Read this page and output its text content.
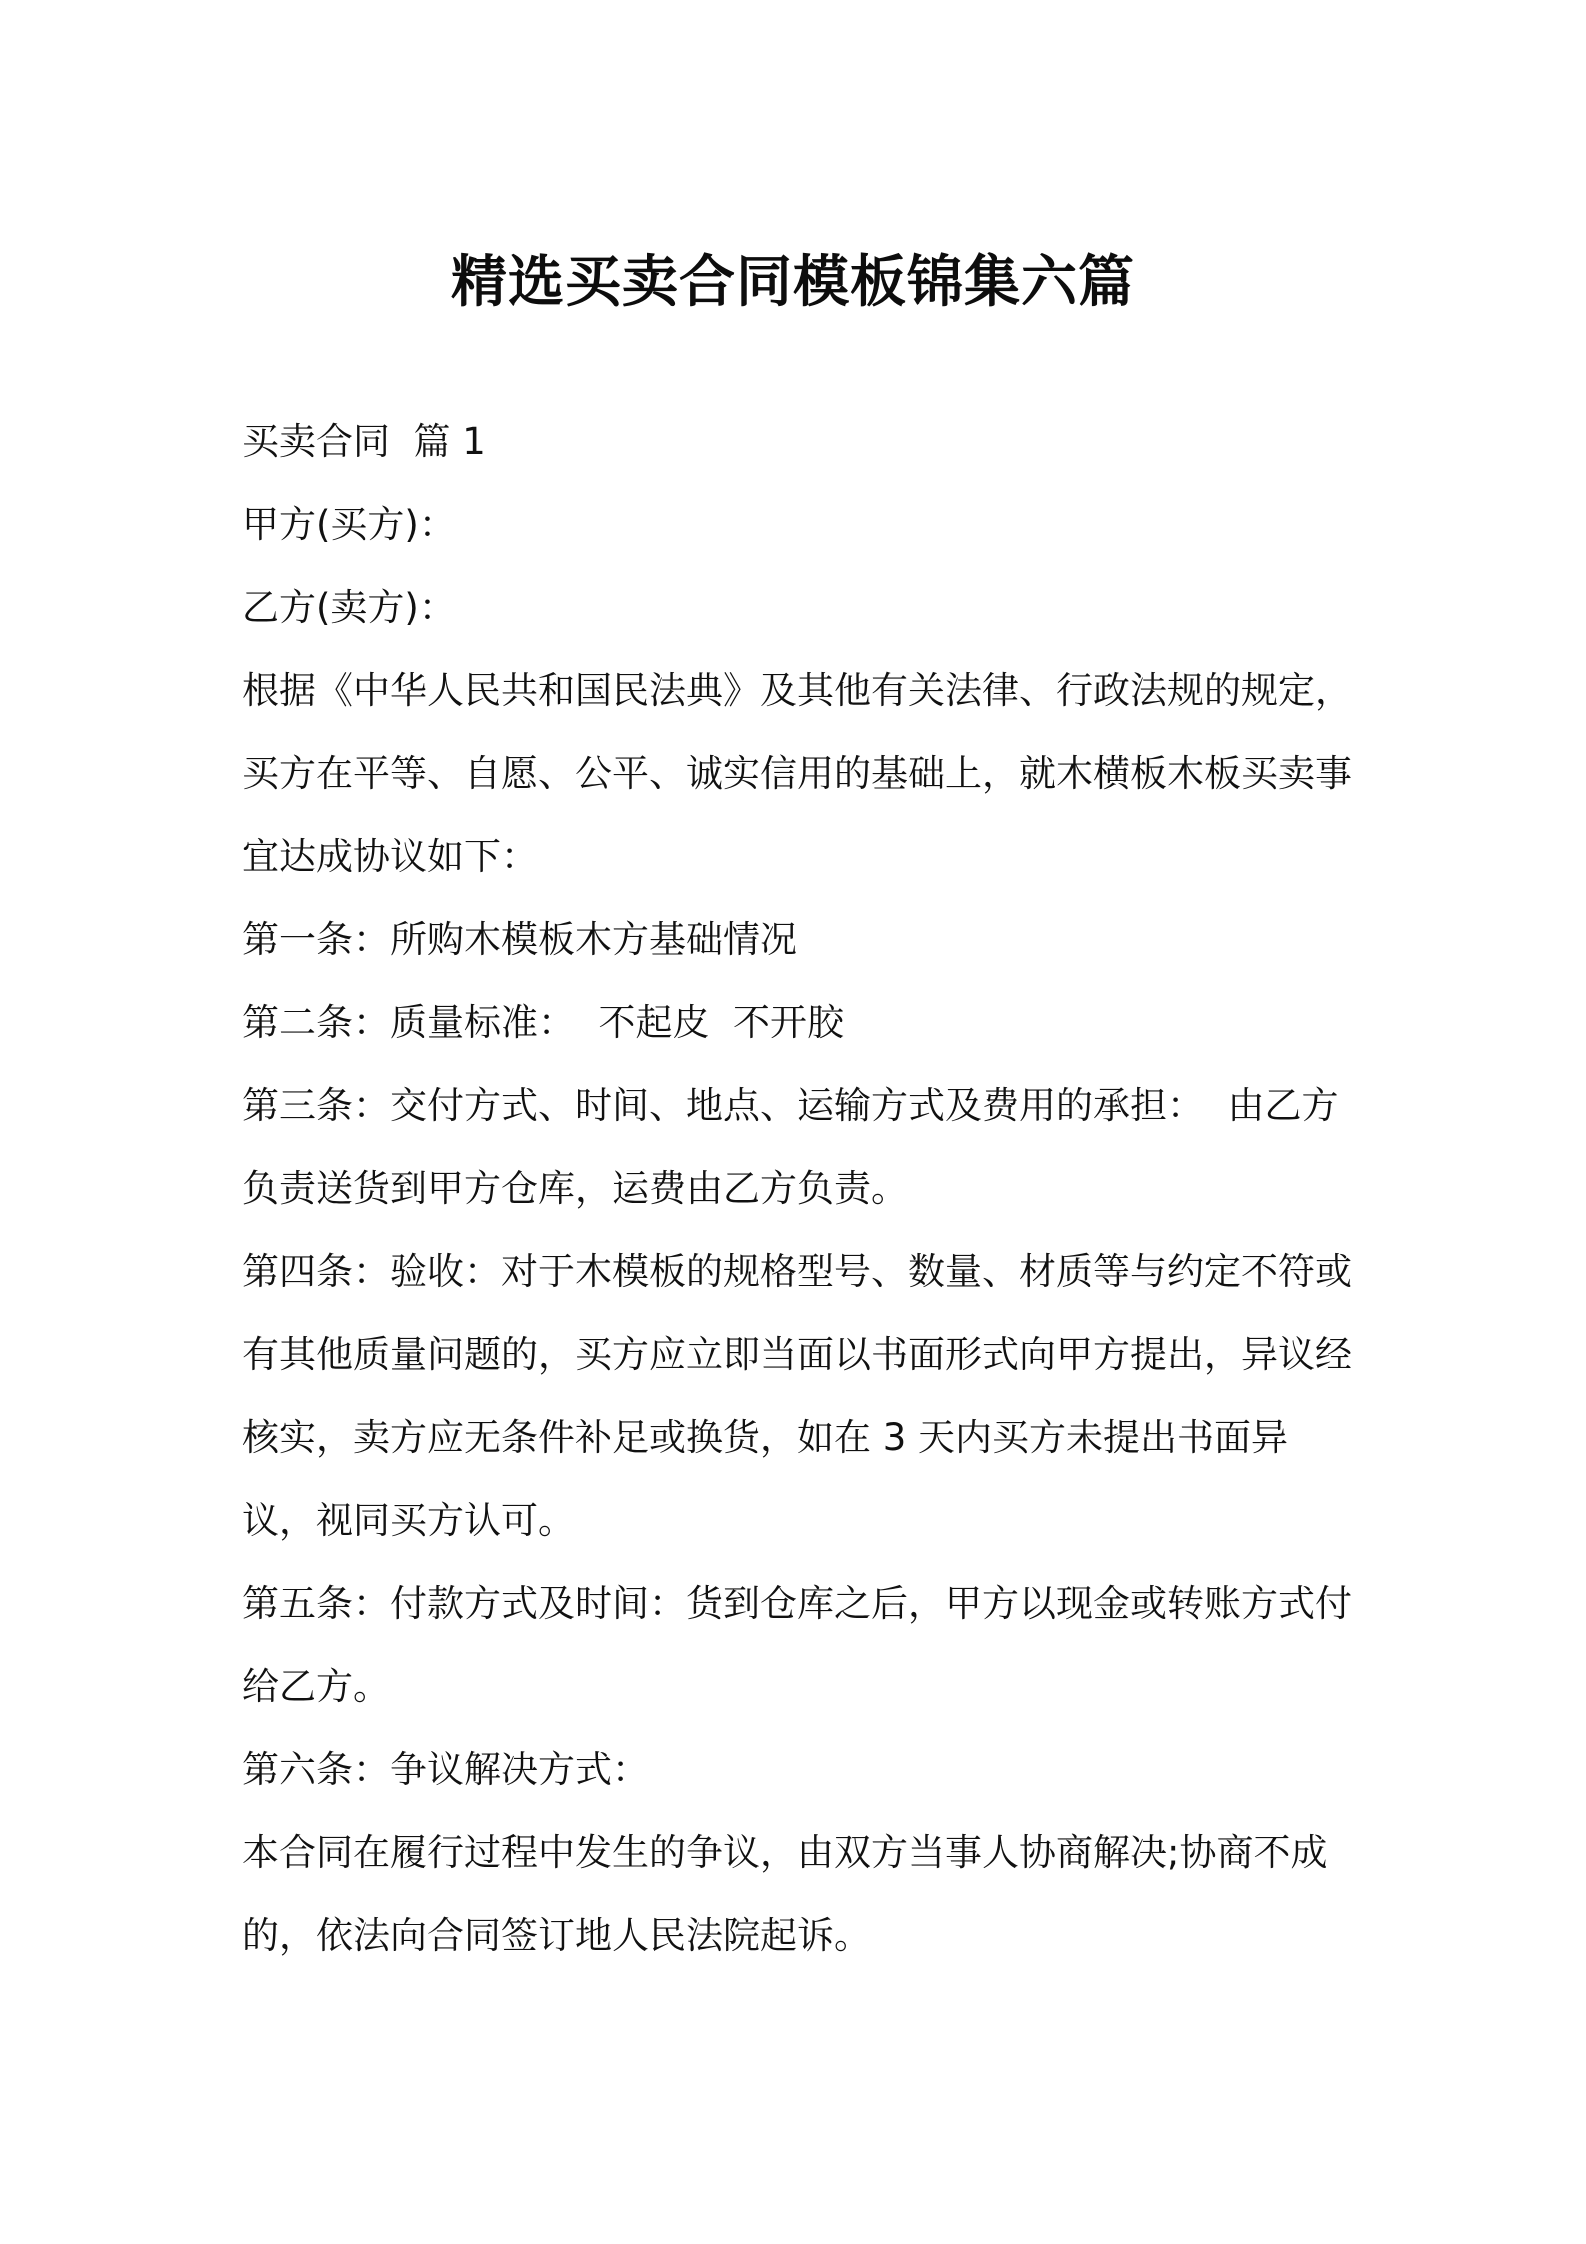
精选买卖合同模板锦集六篇

买卖合同  篇 1

甲方(买方)：

乙方(卖方)：

根据《中华人民共和国民法典》及其他有关法律、行政法规的规定，买方在平等、自愿、公平、诚实信用的基础上，就木横板木板买卖事宜达成协议如下：

第一条：所购木模板木方基础情况

第二条：质量标准：  不起皮  不开胶

第三条：交付方式、时间、地点、运输方式及费用的承担：  由乙方负责送货到甲方仓库，运费由乙方负责。

第四条：验收：对于木模板的规格型号、数量、材质等与约定不符或有其他质量问题的，买方应立即当面以书面形式向甲方提出，异议经核实，卖方应无条件补足或换货，如在 3 天内买方未提出书面异议，视同买方认可。

第五条：付款方式及时间：货到仓库之后，甲方以现金或转账方式付给乙方。

第六条：争议解决方式：

本合同在履行过程中发生的争议，由双方当事人协商解决;协商不成的，依法向合同签订地人民法院起诉。
